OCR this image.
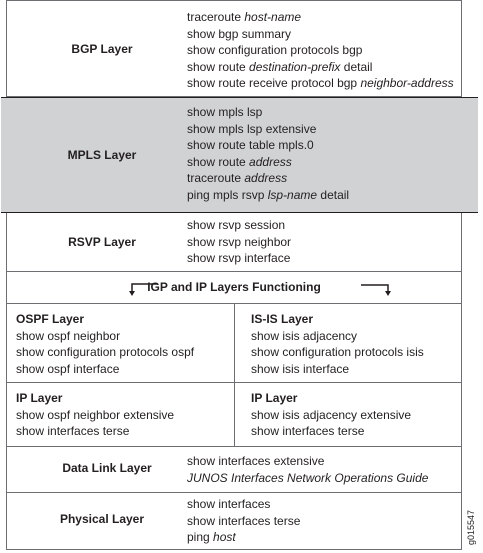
BGP Layer
traceroute host-name
show bgp summary
show configuration protocols bgp
show route destination-prefix detail
show route receive protocol bgp neighbor-address
MPLS Layer
show mpls lsp
show mpls lsp extensive
show route table mpls.0
show route address
traceroute address
ping mpls rsvp lsp-name detail
RSVP Layer
show rsvp session
show rsvp neighbor
show rsvp interface
IGP and IP Layers Functioning
OSPF Layer
show ospf neighbor
show configuration protocols ospf
show ospf interface
IS-IS Layer
show isis adjacency
show configuration protocols isis
show isis interface
IP Layer
show ospf neighbor extensive
show interfaces terse
IP Layer
show isis adjacency extensive
show interfaces terse
Data Link Layer	show interfaces extensive
JUNOS Interfaces Network Operations Guide
Physical Layer
show interfaces
show interfaces terse
ping host	g015547
